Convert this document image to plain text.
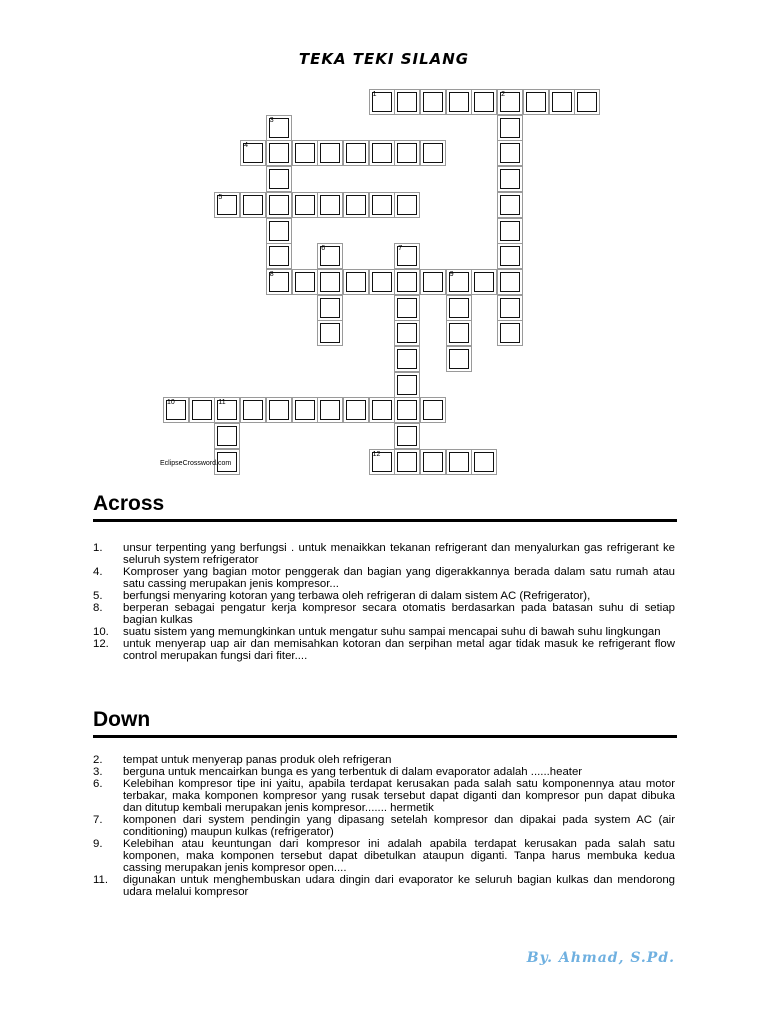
TEKA TEKI SILANG
1	2
3
8
4
5
6	7
9
10	11
12
EclipseCrossword.com
Across
1.	unsur terpenting yang berfungsi . untuk menaikkan tekanan refrigerant dan menyalurkan gas refrigerant ke seluruh system refrigerator
4.	Komproser yang bagian motor penggerak dan bagian yang digerakkannya berada dalam satu rumah atau satu cassing merupakan jenis kompresor...
5.	berfungsi menyaring kotoran yang terbawa oleh refrigeran di dalam sistem AC (Refrigerator),
8.	berperan sebagai pengatur kerja kompresor secara otomatis berdasarkan pada batasan suhu di setiap bagian kulkas
10.	suatu sistem yang memungkinkan untuk mengatur suhu sampai mencapai suhu di bawah suhu lingkungan
12.	untuk menyerap uap air dan memisahkan kotoran dan serpihan metal agar tidak masuk ke refrigerant flow control merupakan fungsi dari fiter....
Down
2.	tempat untuk menyerap panas produk oleh refrigeran
3.	berguna untuk mencairkan bunga es yang terbentuk di dalam evaporator adalah ......heater
6.	Kelebihan kompresor tipe ini yaitu, apabila terdapat kerusakan pada salah satu komponennya atau motor terbakar, maka komponen kompresor yang rusak tersebut dapat diganti dan kompresor pun dapat dibuka dan ditutup kembali merupakan jenis kompresor....... hermetik
7.	komponen dari system pendingin yang dipasang setelah kompresor dan dipakai pada system AC (air conditioning) maupun kulkas (refrigerator)
9.	Kelebihan atau keuntungan dari kompresor ini adalah apabila terdapat kerusakan pada salah satu komponen, maka komponen tersebut dapat dibetulkan ataupun diganti. Tanpa harus membuka kedua cassing merupakan jenis kompresor open....
11.	digunakan untuk menghembuskan udara dingin dari evaporator ke seluruh bagian kulkas dan mendorong udara melalui kompresor
By. Ahmad, S.Pd.
